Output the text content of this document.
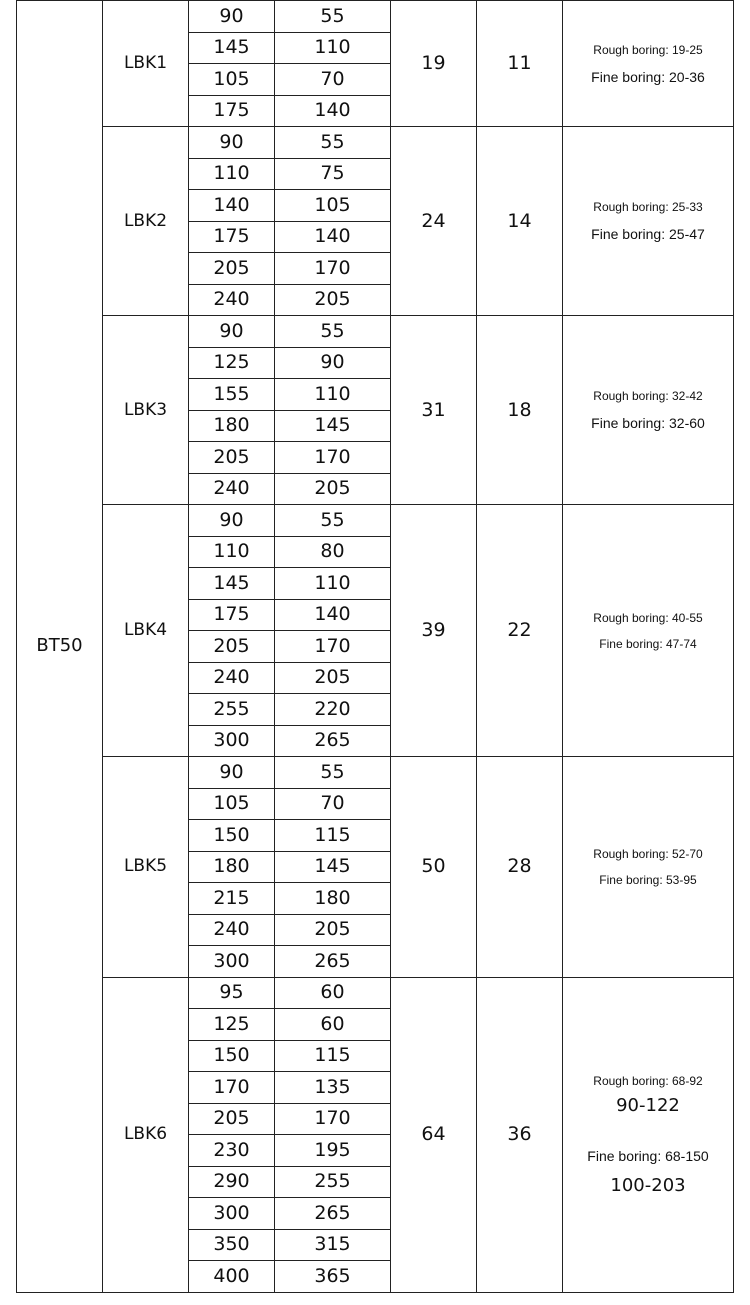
BT50	LBK1	90	55	19	11	Rough boring: 19-25
Fine boring: 20-36

		145	110			
		105	70			
		175	140			
	LBK2	90	55	24	14	Rough boring: 25-33
Fine boring: 25-47

		110	75			
		140	105			
		175	140			
		205	170			
		240	205			
	LBK3	90	55	31	18	Rough boring: 32-42
Fine boring: 32-60

		125	90			
		155	110			
		180	145			
		205	170			
		240	205			
	LBK4	90	55	39	22	Rough boring: 40-55
Fine boring: 47-74

		110	80			
		145	110			
		175	140			
		205	170			
		240	205			
		255	220			
		300	265			
	LBK5	90	55	50	28	Rough boring: 52-70
Fine boring: 53-95

		105	70			
		150	115			
		180	145			
		215	180			
		240	205			
		300	265			
	LBK6	95	60	64	36	Rough boring: 68-92
90-122
Fine boring: 68-150
100-203

		125	60			
		150	115			
		170	135			
		205	170			
		230	195			
		290	255			
		300	265			
		350	315			
		400	365			
